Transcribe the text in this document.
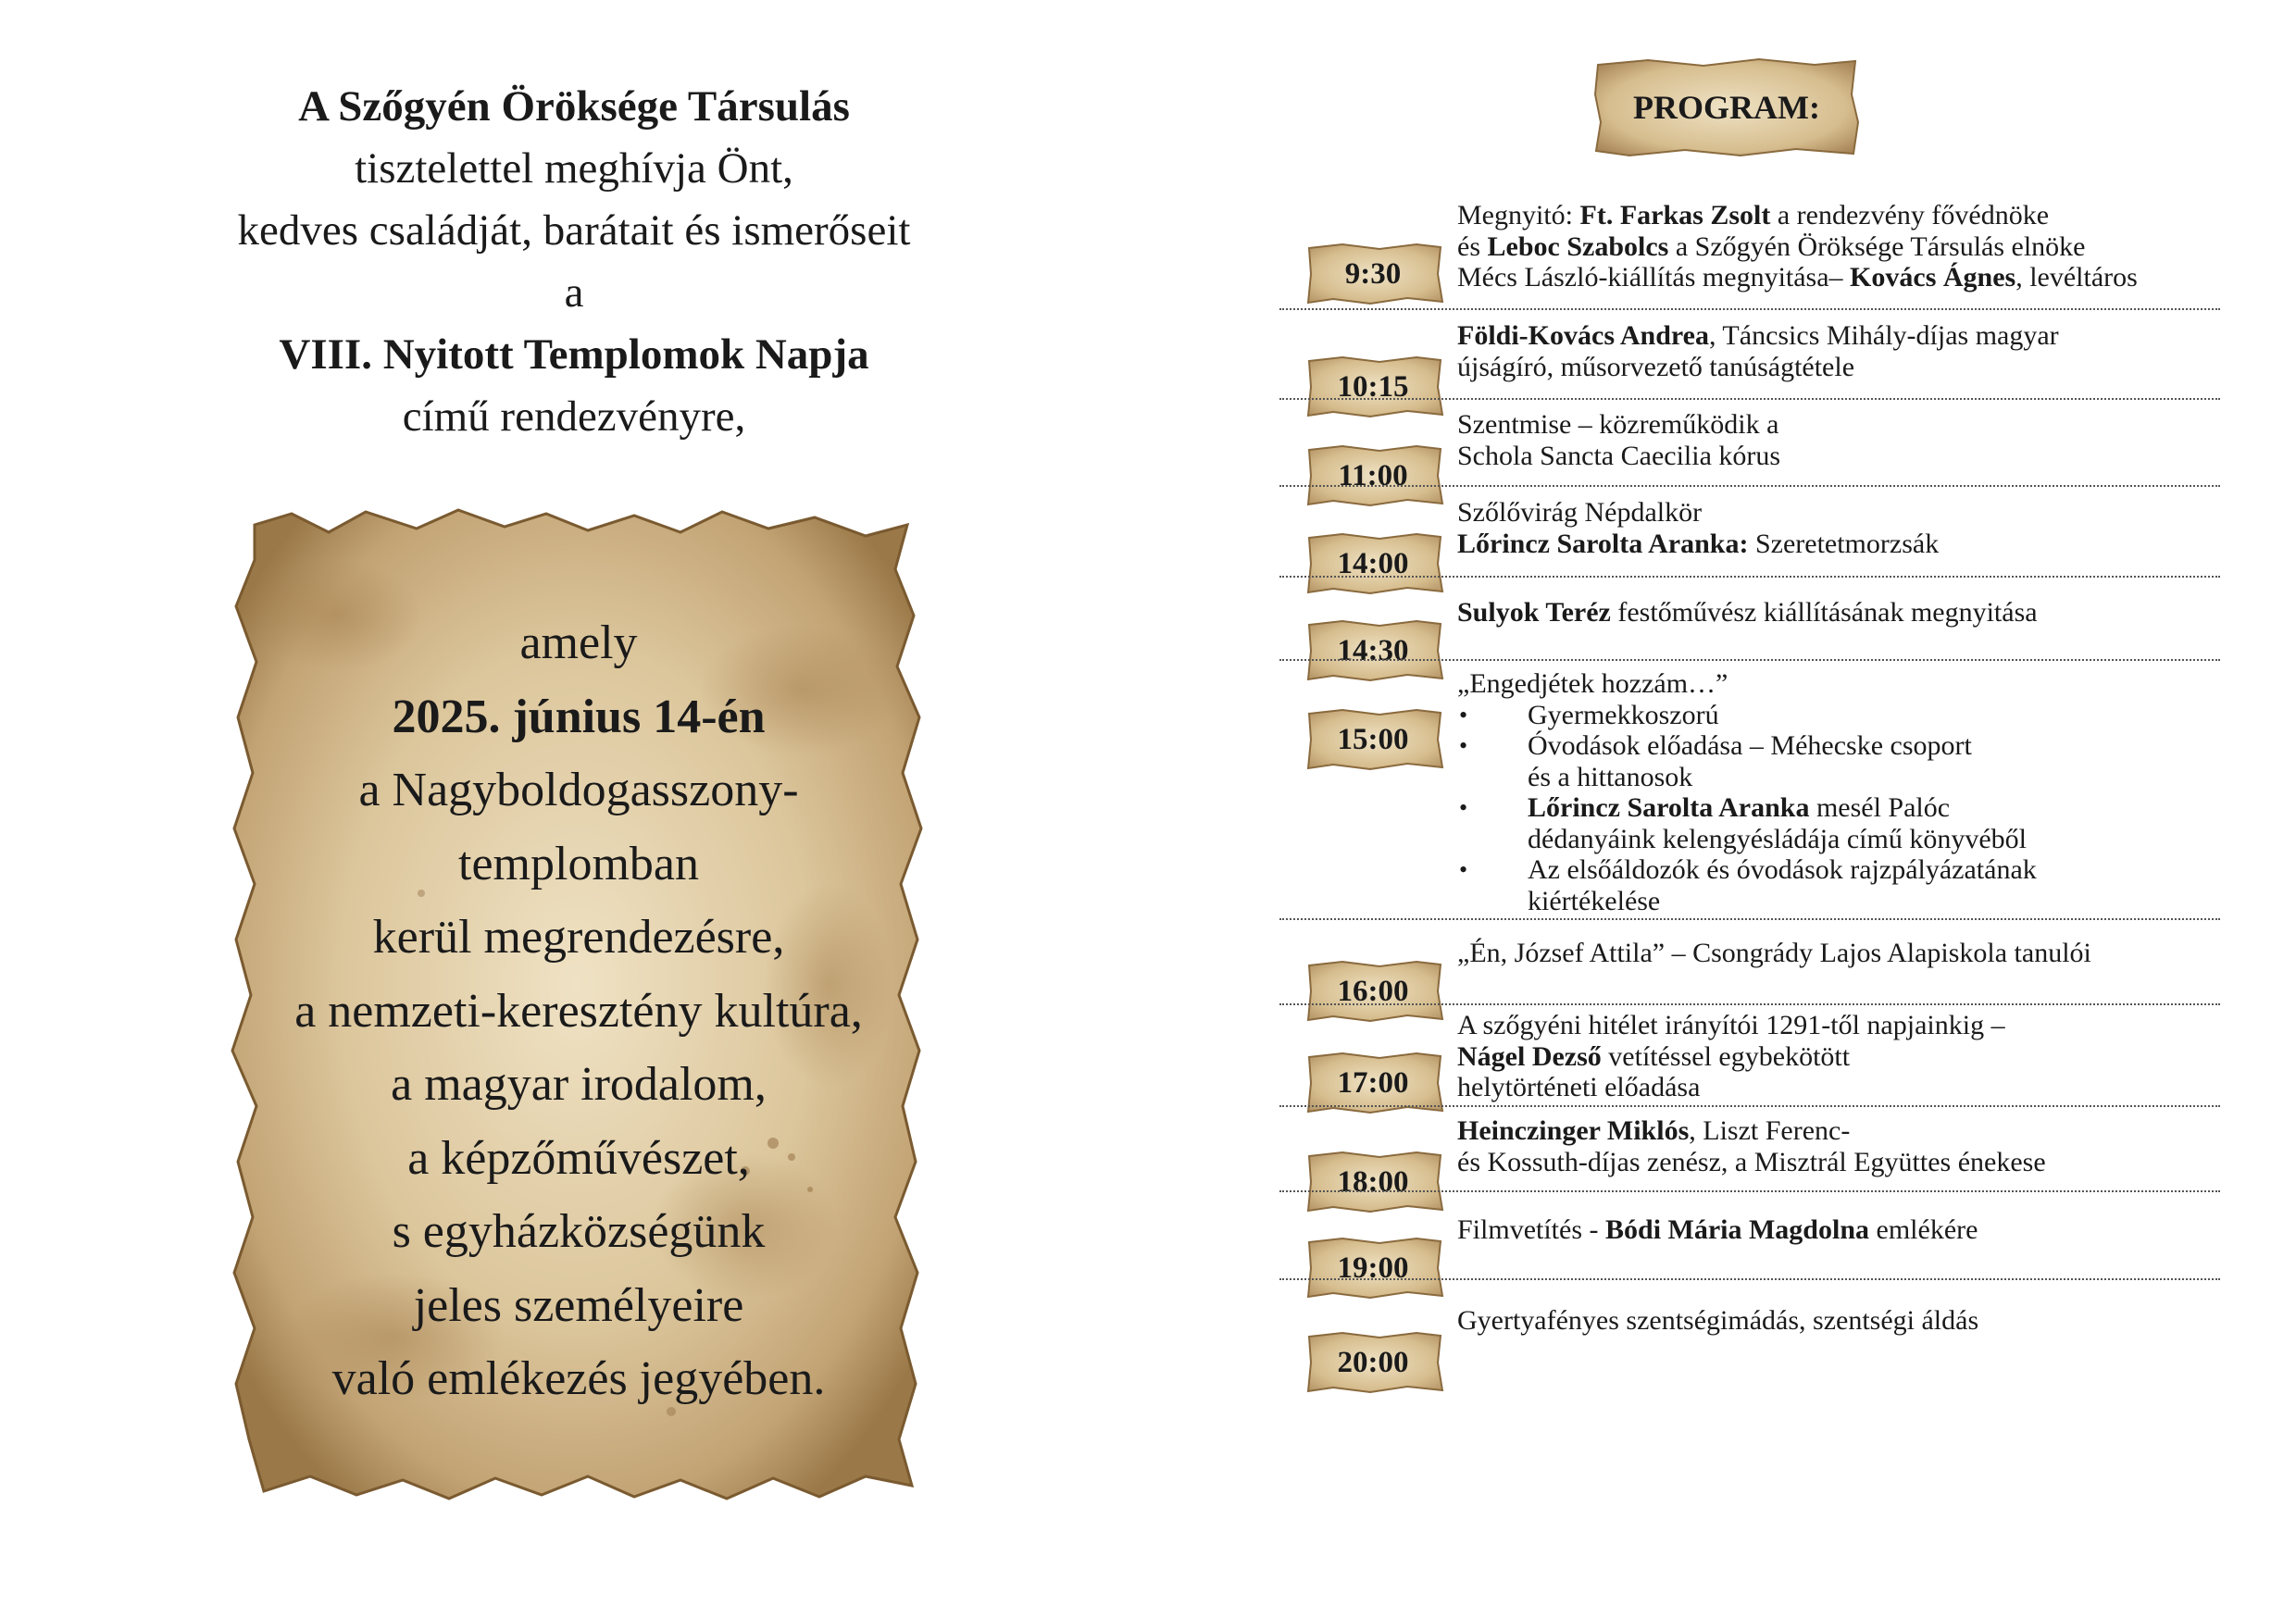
A Szőgyén Öröksége Társulás
tisztelettel meghívja Önt,
kedves családját, barátait és ismerőseit
a
VIII. Nyitott Templomok Napja
című rendezvényre,
amely
2025. június 14-én
a Nagyboldogasszony-
templomban
kerül megrendezésre,
a nemzeti-keresztény kultúra,
a magyar irodalom,
a képzőművészet,
s egyházközségünk
jeles személyeire
való emlékezés jegyében.
PROGRAM:
9:30
Megnyitó: Ft. Farkas Zsolt a rendezvény fővédnöke
és Leboc Szabolcs a Szőgyén Öröksége Társulás elnöke
Mécs László-kiállítás megnyitása– Kovács Ágnes, levéltáros
10:15
Földi-Kovács Andrea, Táncsics Mihály-díjas magyar
újságíró, műsorvezető tanúságtétele
11:00
Szentmise – közreműködik a
Schola Sancta Caecilia kórus
14:00
Szőlővirág Népdalkör
Lőrincz Sarolta Aranka: Szeretetmorzsák
14:30
Sulyok Teréz festőművész kiállításának megnyitása
15:00
„Engedjétek hozzám…”
• Gyermekkoszorú
• Óvodások előadása – Méhecske csoport
és a hittanosok
• Lőrincz Sarolta Aranka mesél Palóc
dédanyáink kelengyésládája című könyvéből
• Az elsőáldozók és óvodások rajzpályázatának
kiértékelése
16:00
„Én, József Attila” – Csongrády Lajos Alapiskola tanulói
17:00
A szőgyéni hitélet irányítói 1291-től napjainkig –
Nágel Dezső vetítéssel egybekötött
helytörténeti előadása
18:00
Heinczinger Miklós, Liszt Ferenc-
és Kossuth-díjas zenész, a Misztrál Együttes énekese
19:00
Filmvetítés - Bódi Mária Magdolna emlékére
20:00
Gyertyafényes szentségimádás, szentségi áldás
